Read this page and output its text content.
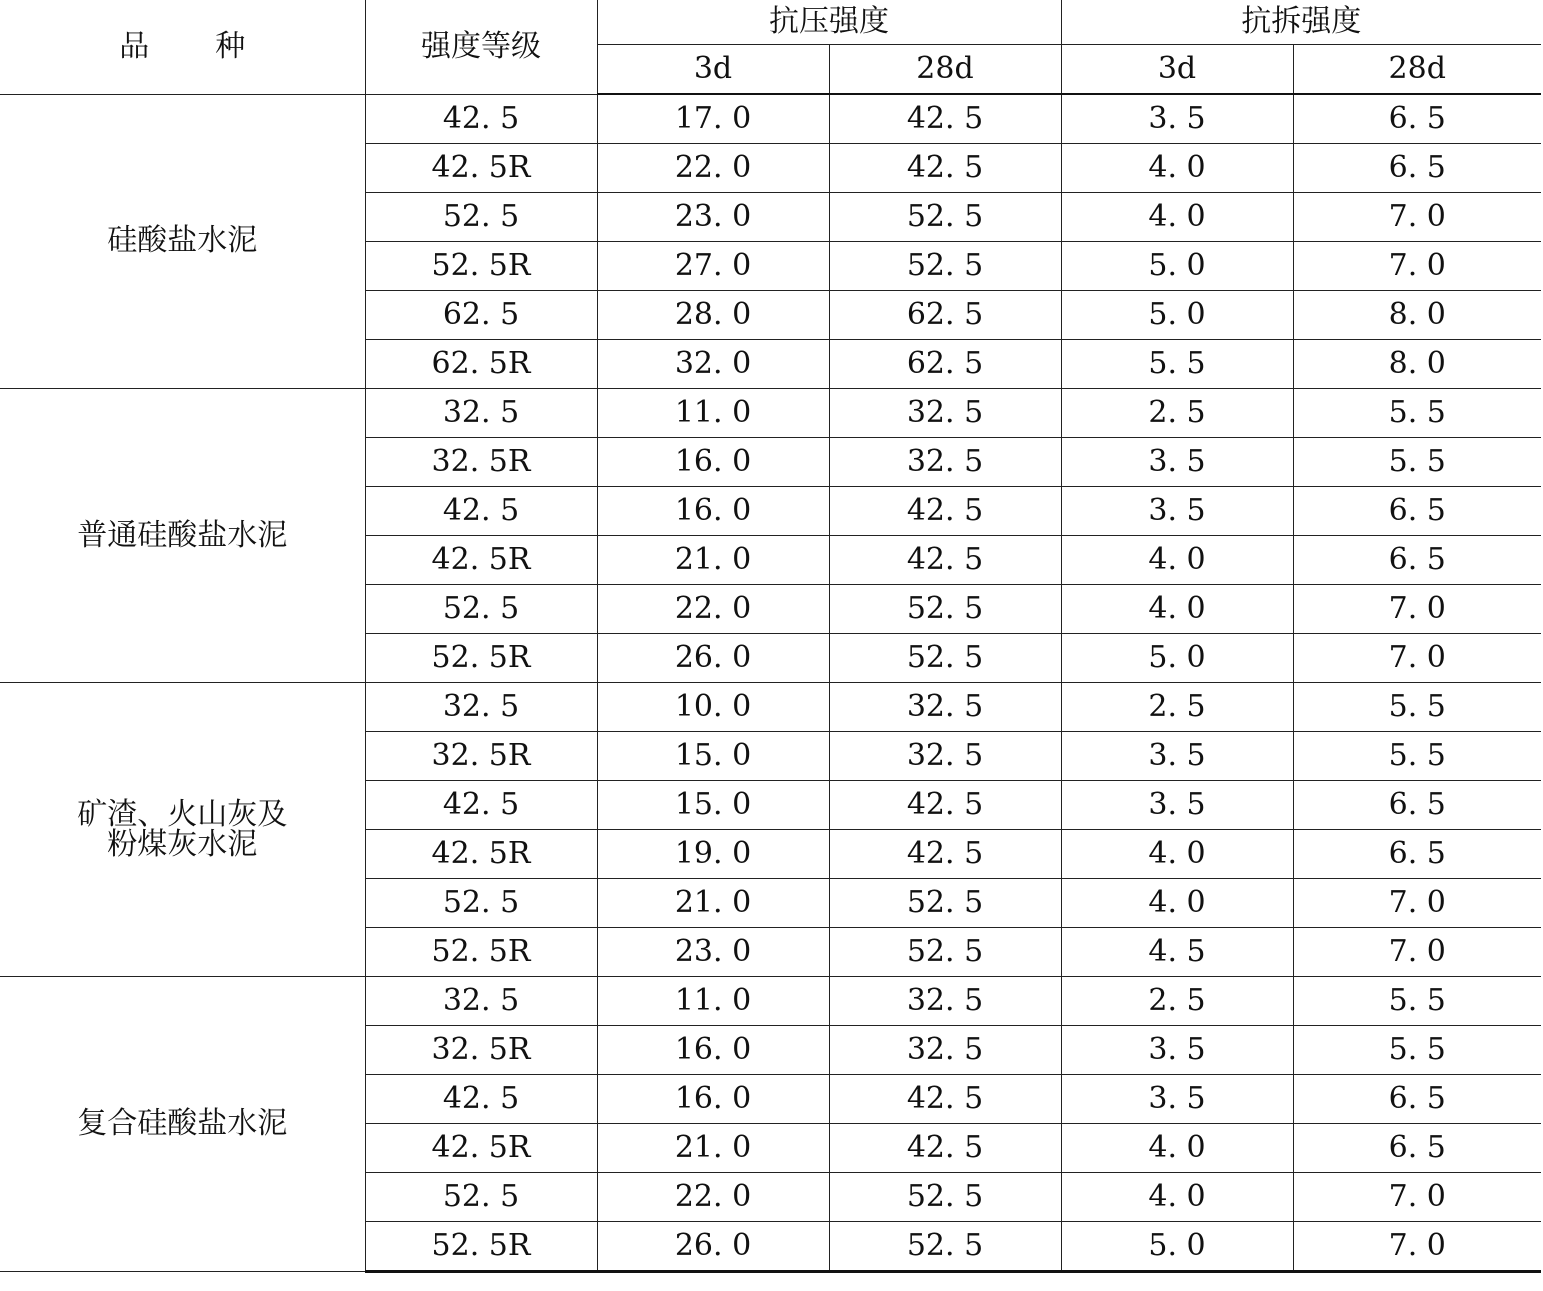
品 种	强度等级	抗压强度		抗拆强度	
		3d	28d	3d	28d
硅酸盐水泥	42. 5	17. 0	42. 5	3. 5	6. 5
	42. 5R	22. 0	42. 5	4. 0	6. 5
	52. 5	23. 0	52. 5	4. 0	7. 0
	52. 5R	27. 0	52. 5	5. 0	7. 0
	62. 5	28. 0	62. 5	5. 0	8. 0
	62. 5R	32. 0	62. 5	5. 5	8. 0
普通硅酸盐水泥	32. 5	11. 0	32. 5	2. 5	5. 5
	32. 5R	16. 0	32. 5	3. 5	5. 5
	42. 5	16. 0	42. 5	3. 5	6. 5
	42. 5R	21. 0	42. 5	4. 0	6. 5
	52. 5	22. 0	52. 5	4. 0	7. 0
	52. 5R	26. 0	52. 5	5. 0	7. 0

矿渣、火山灰及
粉煤灰水泥	32. 5	10. 0	32. 5	2. 5	5. 5
	32. 5R	15. 0	32. 5	3. 5	5. 5
	42. 5	15. 0	42. 5	3. 5	6. 5
	42. 5R	19. 0	42. 5	4. 0	6. 5
	52. 5	21. 0	52. 5	4. 0	7. 0
	52. 5R	23. 0	52. 5	4. 5	7. 0
复合硅酸盐水泥	32. 5	11. 0	32. 5	2. 5	5. 5
	32. 5R	16. 0	32. 5	3. 5	5. 5
	42. 5	16. 0	42. 5	3. 5	6. 5
	42. 5R	21. 0	42. 5	4. 0	6. 5
	52. 5	22. 0	52. 5	4. 0	7. 0
	52. 5R	26. 0	52. 5	5. 0	7. 0
